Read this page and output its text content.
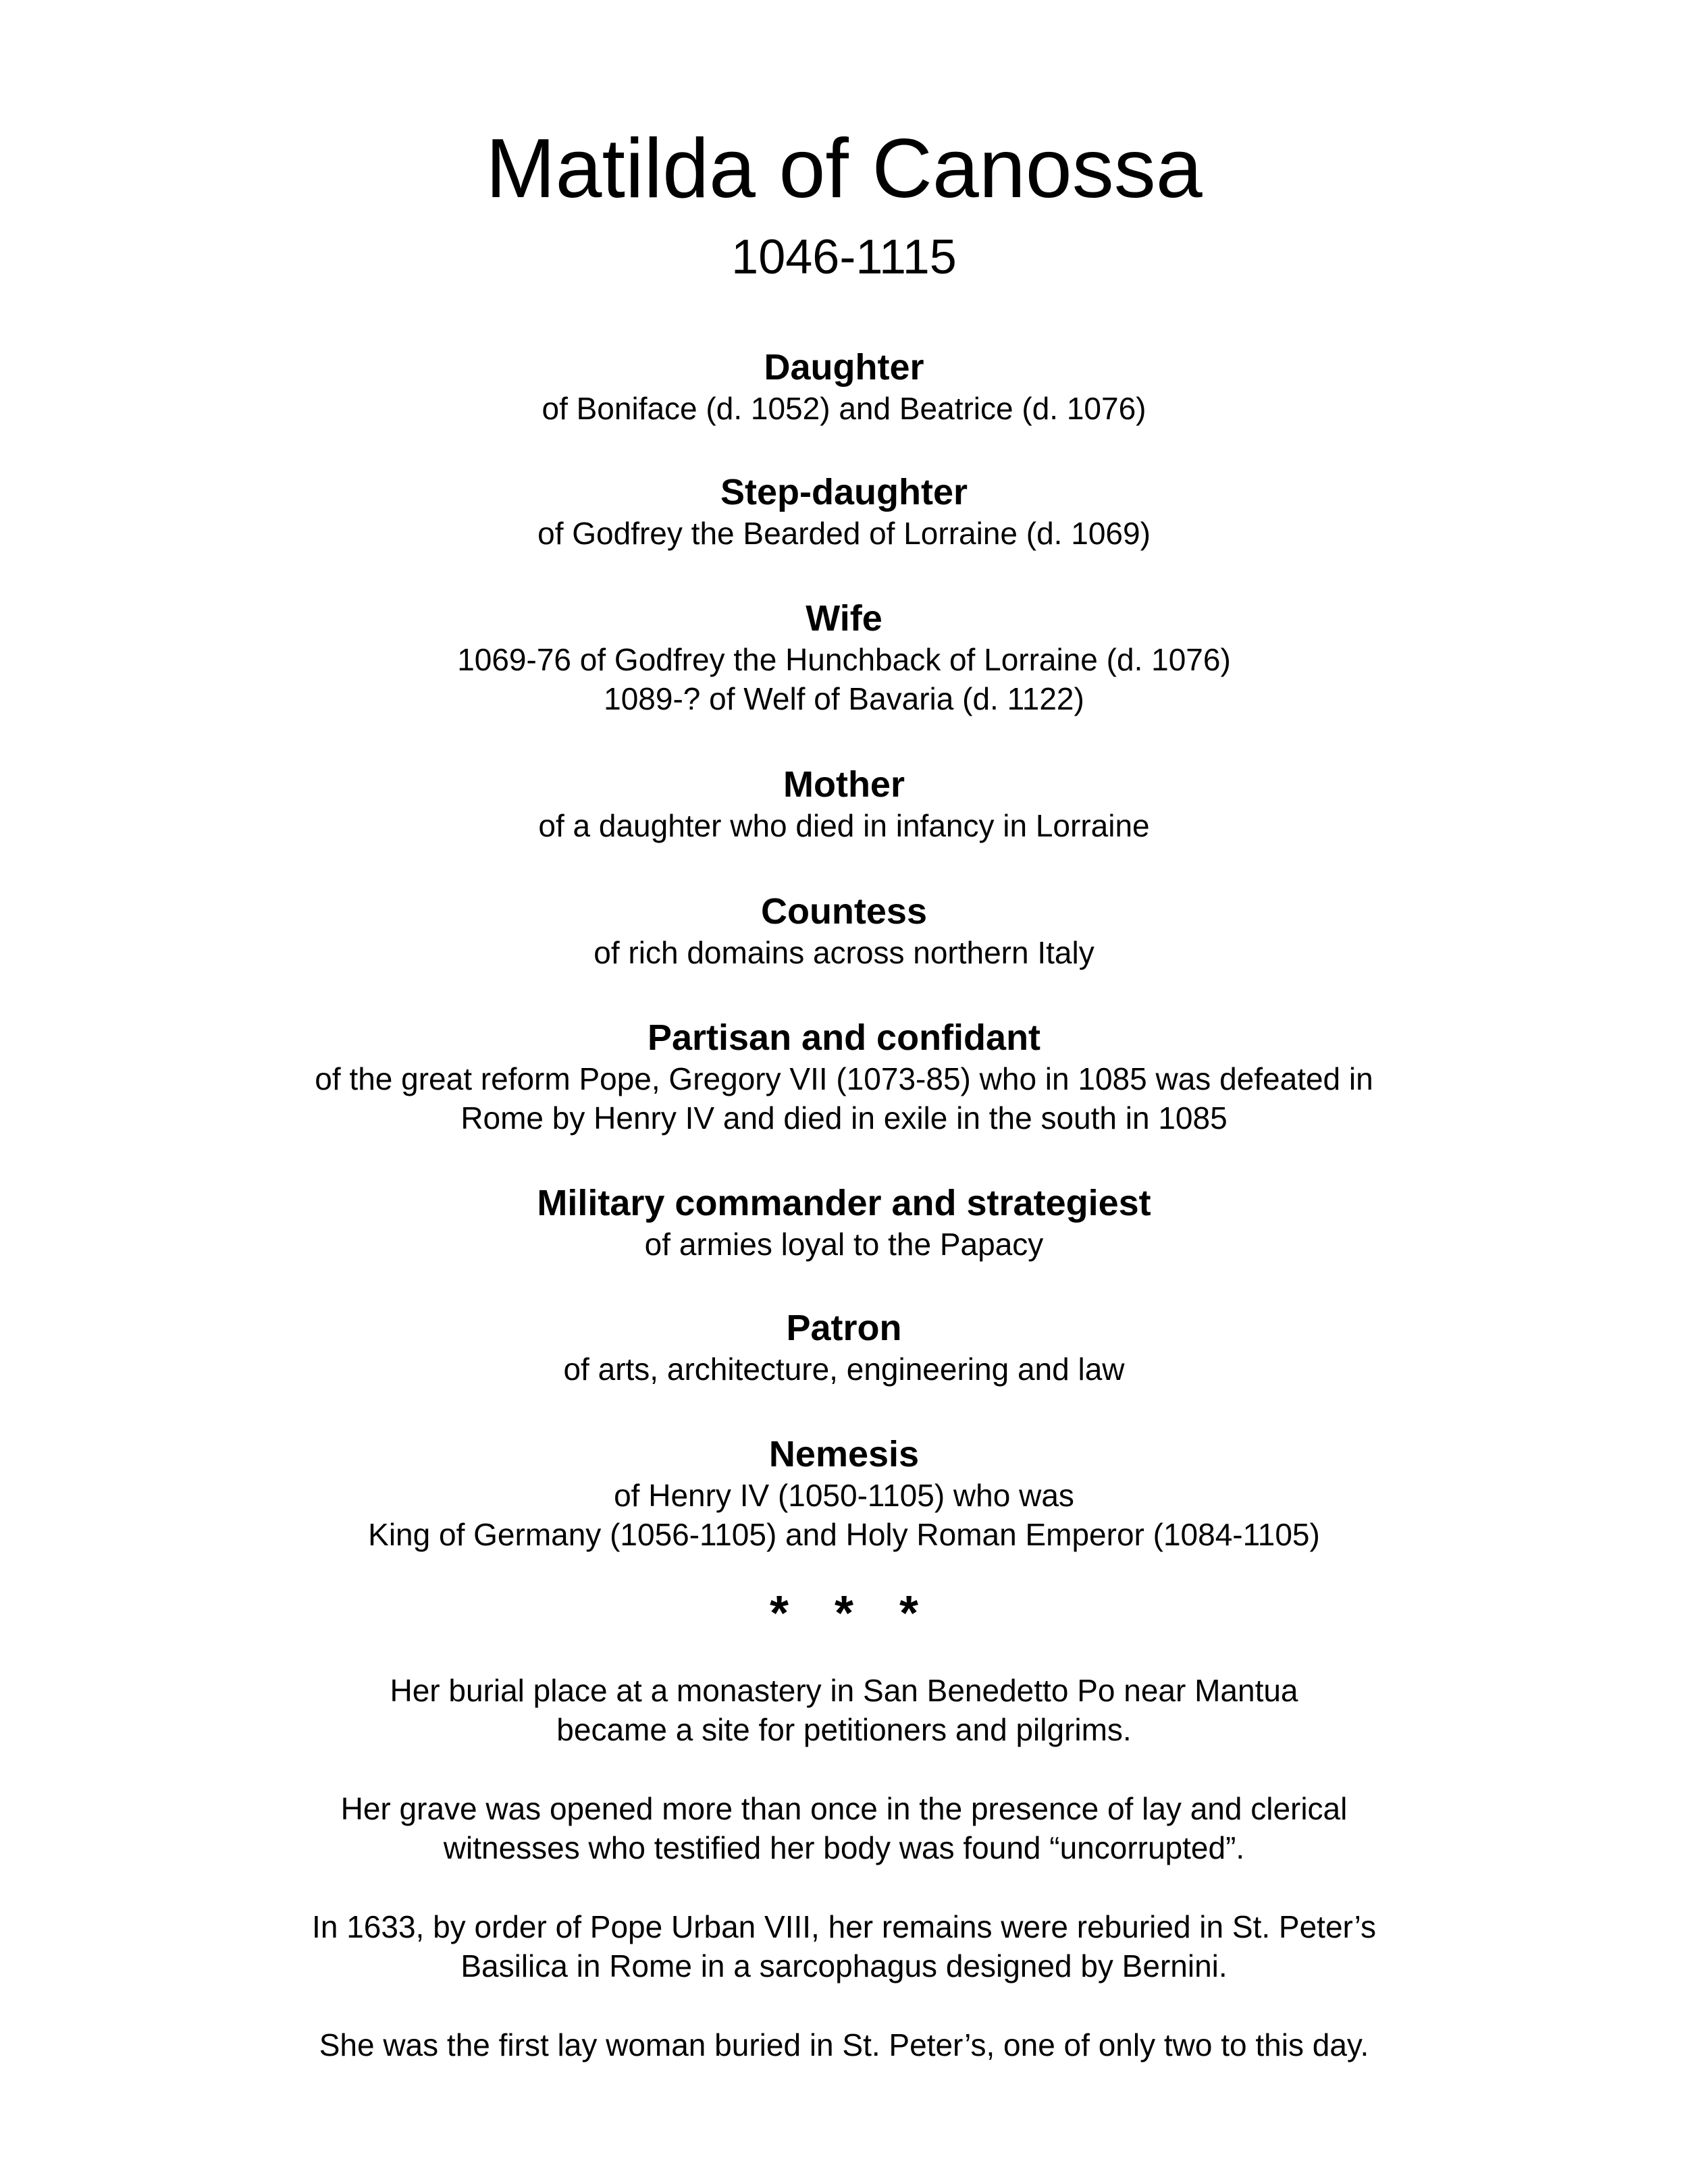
Matilda of Canossa
1046-1115
Daughter
of Boniface (d. 1052) and Beatrice (d. 1076)
Step-daughter
of Godfrey the Bearded of Lorraine (d. 1069)
Wife
1069-76 of Godfrey the Hunchback of Lorraine (d. 1076)
1089-? of Welf of Bavaria (d. 1122)
Mother
of a daughter who died in infancy in Lorraine
Countess
of rich domains across northern Italy
Partisan and confidant
of the great reform Pope, Gregory VII (1073-85) who in 1085 was defeated in
Rome by Henry IV and died in exile in the south in 1085
Military commander and strategiest
of armies loyal to the Papacy
Patron
of arts, architecture, engineering and law
Nemesis
of Henry IV (1050-1105) who was
King of Germany (1056-1105) and Holy Roman Emperor (1084-1105)
* * *
Her burial place at a monastery in San Benedetto Po near Mantua
became a site for petitioners and pilgrims.
Her grave was opened more than once in the presence of lay and clerical
witnesses who testified her body was found “uncorrupted”.
In 1633, by order of Pope Urban VIII, her remains were reburied in St. Peter’s
Basilica in Rome in a sarcophagus designed by Bernini.
She was the first lay woman buried in St. Peter’s, one of only two to this day.
